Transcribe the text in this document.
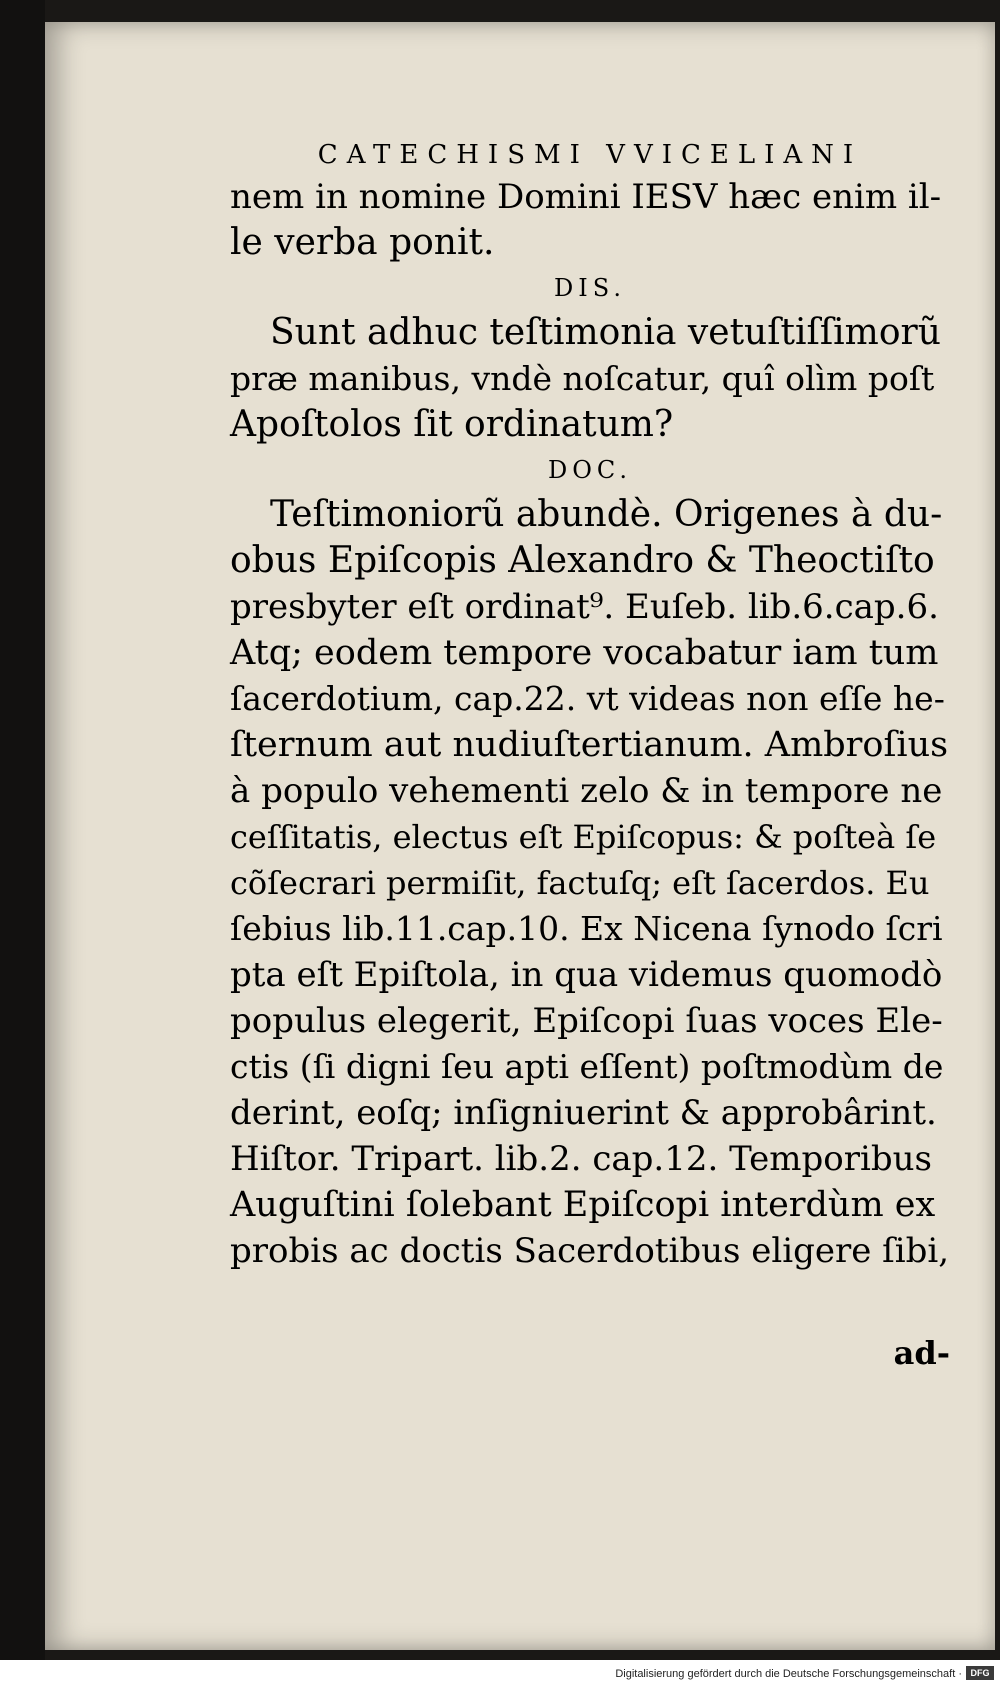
CATECHISMI VVICELIANI
nem in nomine Domini IESV hæc enim il-
le verba ponit.
DIS.
Sunt adhuc teſtimonia vetuſtiſſimorũ
præ manibus, vndè noſcatur, quî olìm poſt
Apoſtolos ſit ordinatum?
DOC.
Teſtimoniorũ abundè. Origenes à du-
obus Epiſcopis Alexandro & Theoctiſto
presbyter eſt ordinat⁹. Euſeb. lib.6.cap.6.
Atq; eodem tempore vocabatur iam tum
ſacerdotium, cap.22. vt videas non eſſe he-
ſternum aut nudiuſtertianum. Ambroſius
à populo vehementi zelo & in tempore ne
ceſſitatis, electus eſt Epiſcopus: & poſteà ſe
cõſecrari permiſit, factuſq; eſt ſacerdos. Eu
ſebius lib.11.cap.10. Ex Nicena ſynodo ſcri
pta eſt Epiſtola, in qua videmus quomodò
populus elegerit, Epiſcopi ſuas voces Ele-
ctis (ſi digni ſeu apti eſſent) poſtmodùm de
derint, eoſq; inſigniuerint & approbârint.
Hiſtor. Tripart. lib.2. cap.12. Temporibus
Auguſtini ſolebant Epiſcopi interdùm ex
probis ac doctis Sacerdotibus eligere ſibi,
ad-
Digitalisierung gefördert durch die Deutsche Forschungsgemeinschaft · DFG
